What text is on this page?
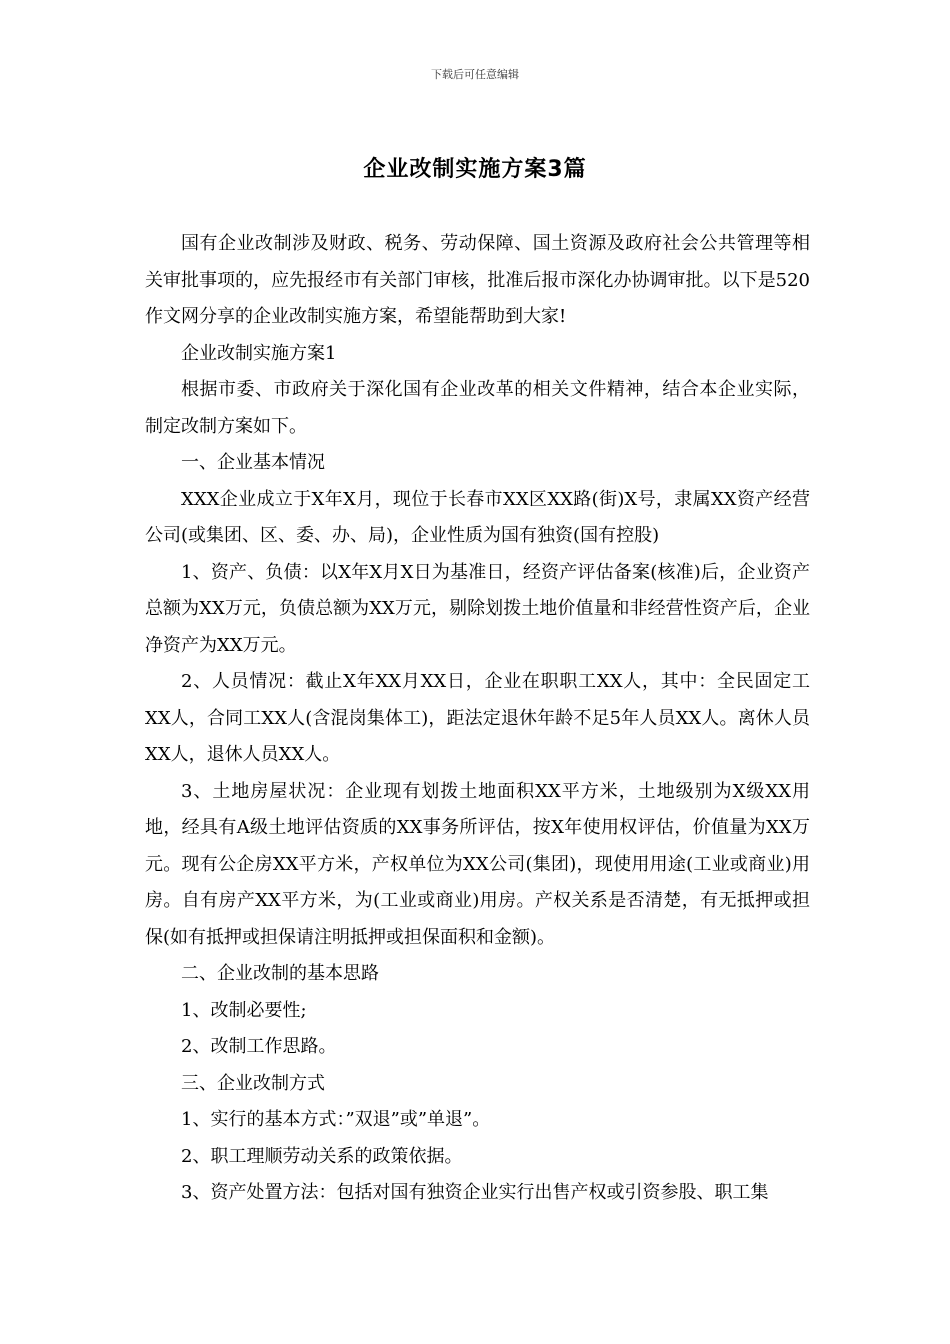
下载后可任意编辑
企业改制实施方案3篇

国有企业改制涉及财政、税务、劳动保障、国土资源及政府社会公共管理等相关审批事项的，应先报经市有关部门审核，批准后报市深化办协调审批。以下是520作文网分享的企业改制实施方案，希望能帮助到大家!

企业改制实施方案1

根据市委、市政府关于深化国有企业改革的相关文件精神，结合本企业实际，制定改制方案如下。

一、企业基本情况

XXX企业成立于X年X月，现位于长春市XX区XX路(街)X号，隶属XX资产经营公司(或集团、区、委、办、局)，企业性质为国有独资(国有控股)

1、资产、负债：以X年X月X日为基准日，经资产评估备案(核准)后，企业资产总额为XX万元，负债总额为XX万元，剔除划拨土地价值量和非经营性资产后，企业净资产为XX万元。

2、人员情况：截止X年XX月XX日，企业在职职工XX人，其中：全民固定工XX人，合同工XX人(含混岗集体工)，距法定退休年龄不足5年人员XX人。离休人员XX人，退休人员XX人。

3、土地房屋状况：企业现有划拨土地面积XX平方米，土地级别为X级XX用地，经具有A级土地评估资质的XX事务所评估，按X年使用权评估，价值量为XX万元。现有公企房XX平方米，产权单位为XX公司(集团)，现使用用途(工业或商业)用房。自有房产XX平方米，为(工业或商业)用房。产权关系是否清楚，有无抵押或担保(如有抵押或担保请注明抵押或担保面积和金额)。

二、企业改制的基本思路

1、改制必要性;

2、改制工作思路。

三、企业改制方式

1、实行的基本方式：”双退”或”单退”。

2、职工理顺劳动关系的政策依据。

3、资产处置方法：包括对国有独资企业实行出售产权或引资参股、职工集
